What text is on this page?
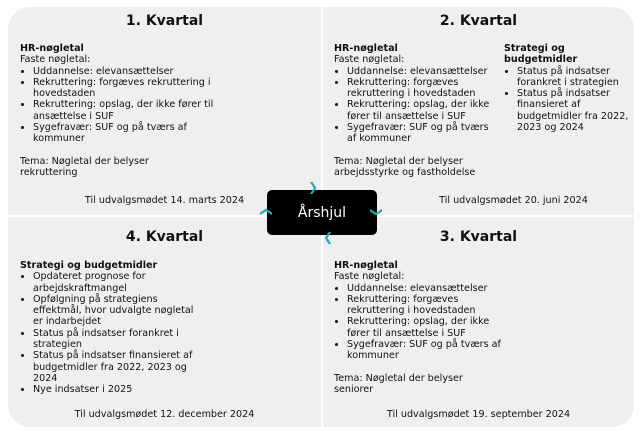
1. Kvartal
HR-nøgletal
Faste nøgletal:
• Uddannelse: elevansættelser
• Rekruttering: forgæves rekruttering i hovedstaden
• Rekruttering: opslag, der ikke fører til ansættelse i SUF
• Sygefravær: SUF og på tværs af kommuner
Tema: Nøgletal der belyser rekruttering
Til udvalgsmødet 14. marts 2024
2. Kvartal
HR-nøgletal
Faste nøgletal:
• Uddannelse: elevansættelser
• Rekruttering: forgæves rekruttering i hovedstaden
• Rekruttering: opslag, der ikke fører til ansættelse i SUF
• Sygefravær: SUF og på tværs af kommuner
Tema: Nøgletal der belyser arbejdsstyrke og fastholdelse
Strategi og budgetmidler
• Status på indsatser forankret i strategien
• Status på indsatser finansieret af budgetmidler fra 2022, 2023 og 2024
Til udvalgsmødet 20. juni 2024
4. Kvartal
Strategi og budgetmidler
• Opdateret prognose for arbejdskraftmangel
• Opfølgning på strategiens effektmål, hvor udvalgte nøgletal er indarbejdet
• Status på indsatser forankret i strategien
• Status på indsatser finansieret af budgetmidler fra 2022, 2023 og 2024
• Nye indsatser i 2025
Til udvalgsmødet 12. december 2024
3. Kvartal
HR-nøgletal
Faste nøgletal:
• Uddannelse: elevansættelser
• Rekruttering: forgæves rekruttering i hovedstaden
• Rekruttering: opslag, der ikke fører til ansættelse i SUF
• Sygefravær: SUF og på tværs af kommuner
Tema: Nøgletal der belyser seniorer
Til udvalgsmødet 19. september 2024
Årshjul
❯
❯
❯
❯
